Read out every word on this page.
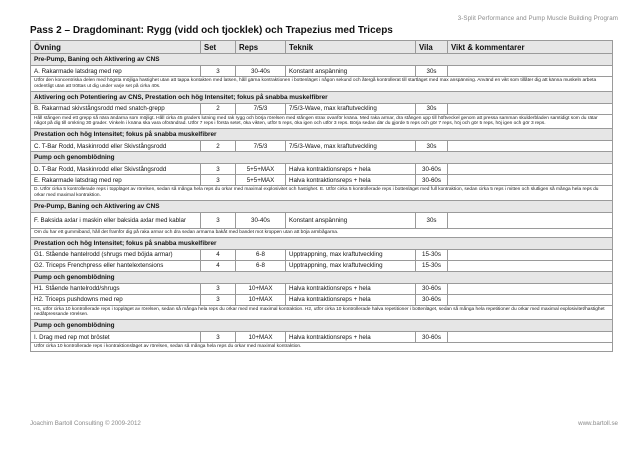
3-Split Performance and Pump Muscle Building Program
Pass 2 – Dragdominant: Rygg (vidd och tjocklek) och Trapezius med Triceps
Övning	Set	Reps	Teknik	Vila	Vikt & kommentarer
Pre-Pump, Baning och Aktivering av CNS					
A. Rakarmade latsdrag med rep	3	30-40s	Konstant anspänning	30s	
Utför den koncentriska delen med högsta möjliga hastighet utan att tappa kontakten med latsen, håll gärna kontraktionen i bottenläget i någon sekund och återgå kontrollerat till startläget med max anspänning. Använd en vikt som tillåter dig att känna muskeln arbeta ordentligt utan att tröttas ut dig under varje set på cirka 40s.					
Aktivering och Potentiering av CNS, Prestation och hög Intensitet; fokus på snabba muskelfibrer					
B. Rakarmad skivstångsrodd med snatch-grepp	2	7/5/3	7/5/3-Wave, max kraftutveckling	30s	
Håll stången med ett grepp så nära ändarna som möjligt. Håll cirka 45 graders lutning med rak rygg och börja rörelsen med stången strax ovanför knäna. Med raka armar, dra stången upp till höftveckel genom att pressa samman skulderbladen samtidigt som du rätar något på dig till omkring 30 grader. Vinkeln i knäna ska vara oförändrad. Utför 7 reps i första setet, öka vikten, utför 5 reps, öka igen och utför 3 reps. Börja sedan där du gjorde 5 reps och gör 7 reps, höj och gör 5 reps, höj igen och gör 3 reps.					
Prestation och hög Intensitet; fokus på snabba muskelfibrer					
C. T-Bar Rodd, Maskinrodd eller Skivstångsrodd	2	7/5/3	7/5/3-Wave, max kraftutveckling	30s	
Pump och genomblödning					
D. T-Bar Rodd, Maskinrodd eller Skivstångsrodd	3	5+5+MAX	Halva kontraktionsreps + hela	30-60s	
E. Rakarmade latsdrag med rep	3	5+5+MAX	Halva kontraktionsreps + hela	30-60s	
D. Utför cirka 5 kontrollerade reps i toppläget av rörelsen, sedan så många hela reps du orkar med maximal explosivitet och hastighet. E. Utför cirka 5 kontrollerade reps i bottenläget med full kontraktion, sedan cirka 5 reps i mitten och slutligen så många hela reps du orkar med maximal kontraktion.					
Pre-Pump, Baning och Aktivering av CNS					
F. Baksida axlar i maskin eller baksida axlar med kablar	3	30-40s	Konstant anspänning	30s	
Om du har ett gummiband, håll det framför dig på raka armar och dra sedan armarna bakåt med bandet mot kroppen utan att böja armbågarna.					
Prestation och hög Intensitet; fokus på snabba muskelfibrer					
G1. Stående hantelrodd (shrugs med böjda armar)	4	6-8	Upptrappning, max kraftutveckling	15-30s	
G2. Triceps Frenchpress eller hantelextensions	4	6-8	Upptrappning, max kraftutveckling	15-30s	
Pump och genomblödning					
H1. Stående hantelrodd/shrugs	3	10+MAX	Halva kontraktionsreps + hela	30-60s	
H2. Triceps pushdowns med rep	3	10+MAX	Halva kontraktionsreps + hela	30-60s	
H1, utför cirka 10 kontrollerade reps i toppläget av rörelsen, sedan så många hela reps du orkar med med maximal kontraktion. H2, utför cirka 10 kontrollerade halva repetitioner i bottenläget, sedan så många hela repetitioner du orkar med maximal explosivitet/hastighet nedåtpressande rörelsen.					
Pump och genomblödning					
I. Drag med rep mot bröstet	3	10+MAX	Halva kontraktionsreps + hela	30-60s	
Utför cirka 10 kontrollerade reps i kontraktionsläget av rörelsen, sedan så många hela reps du orkar med maximal kontraktion.					
Joachim Bartoll Consulting © 2009-2012	www.bartoll.se
